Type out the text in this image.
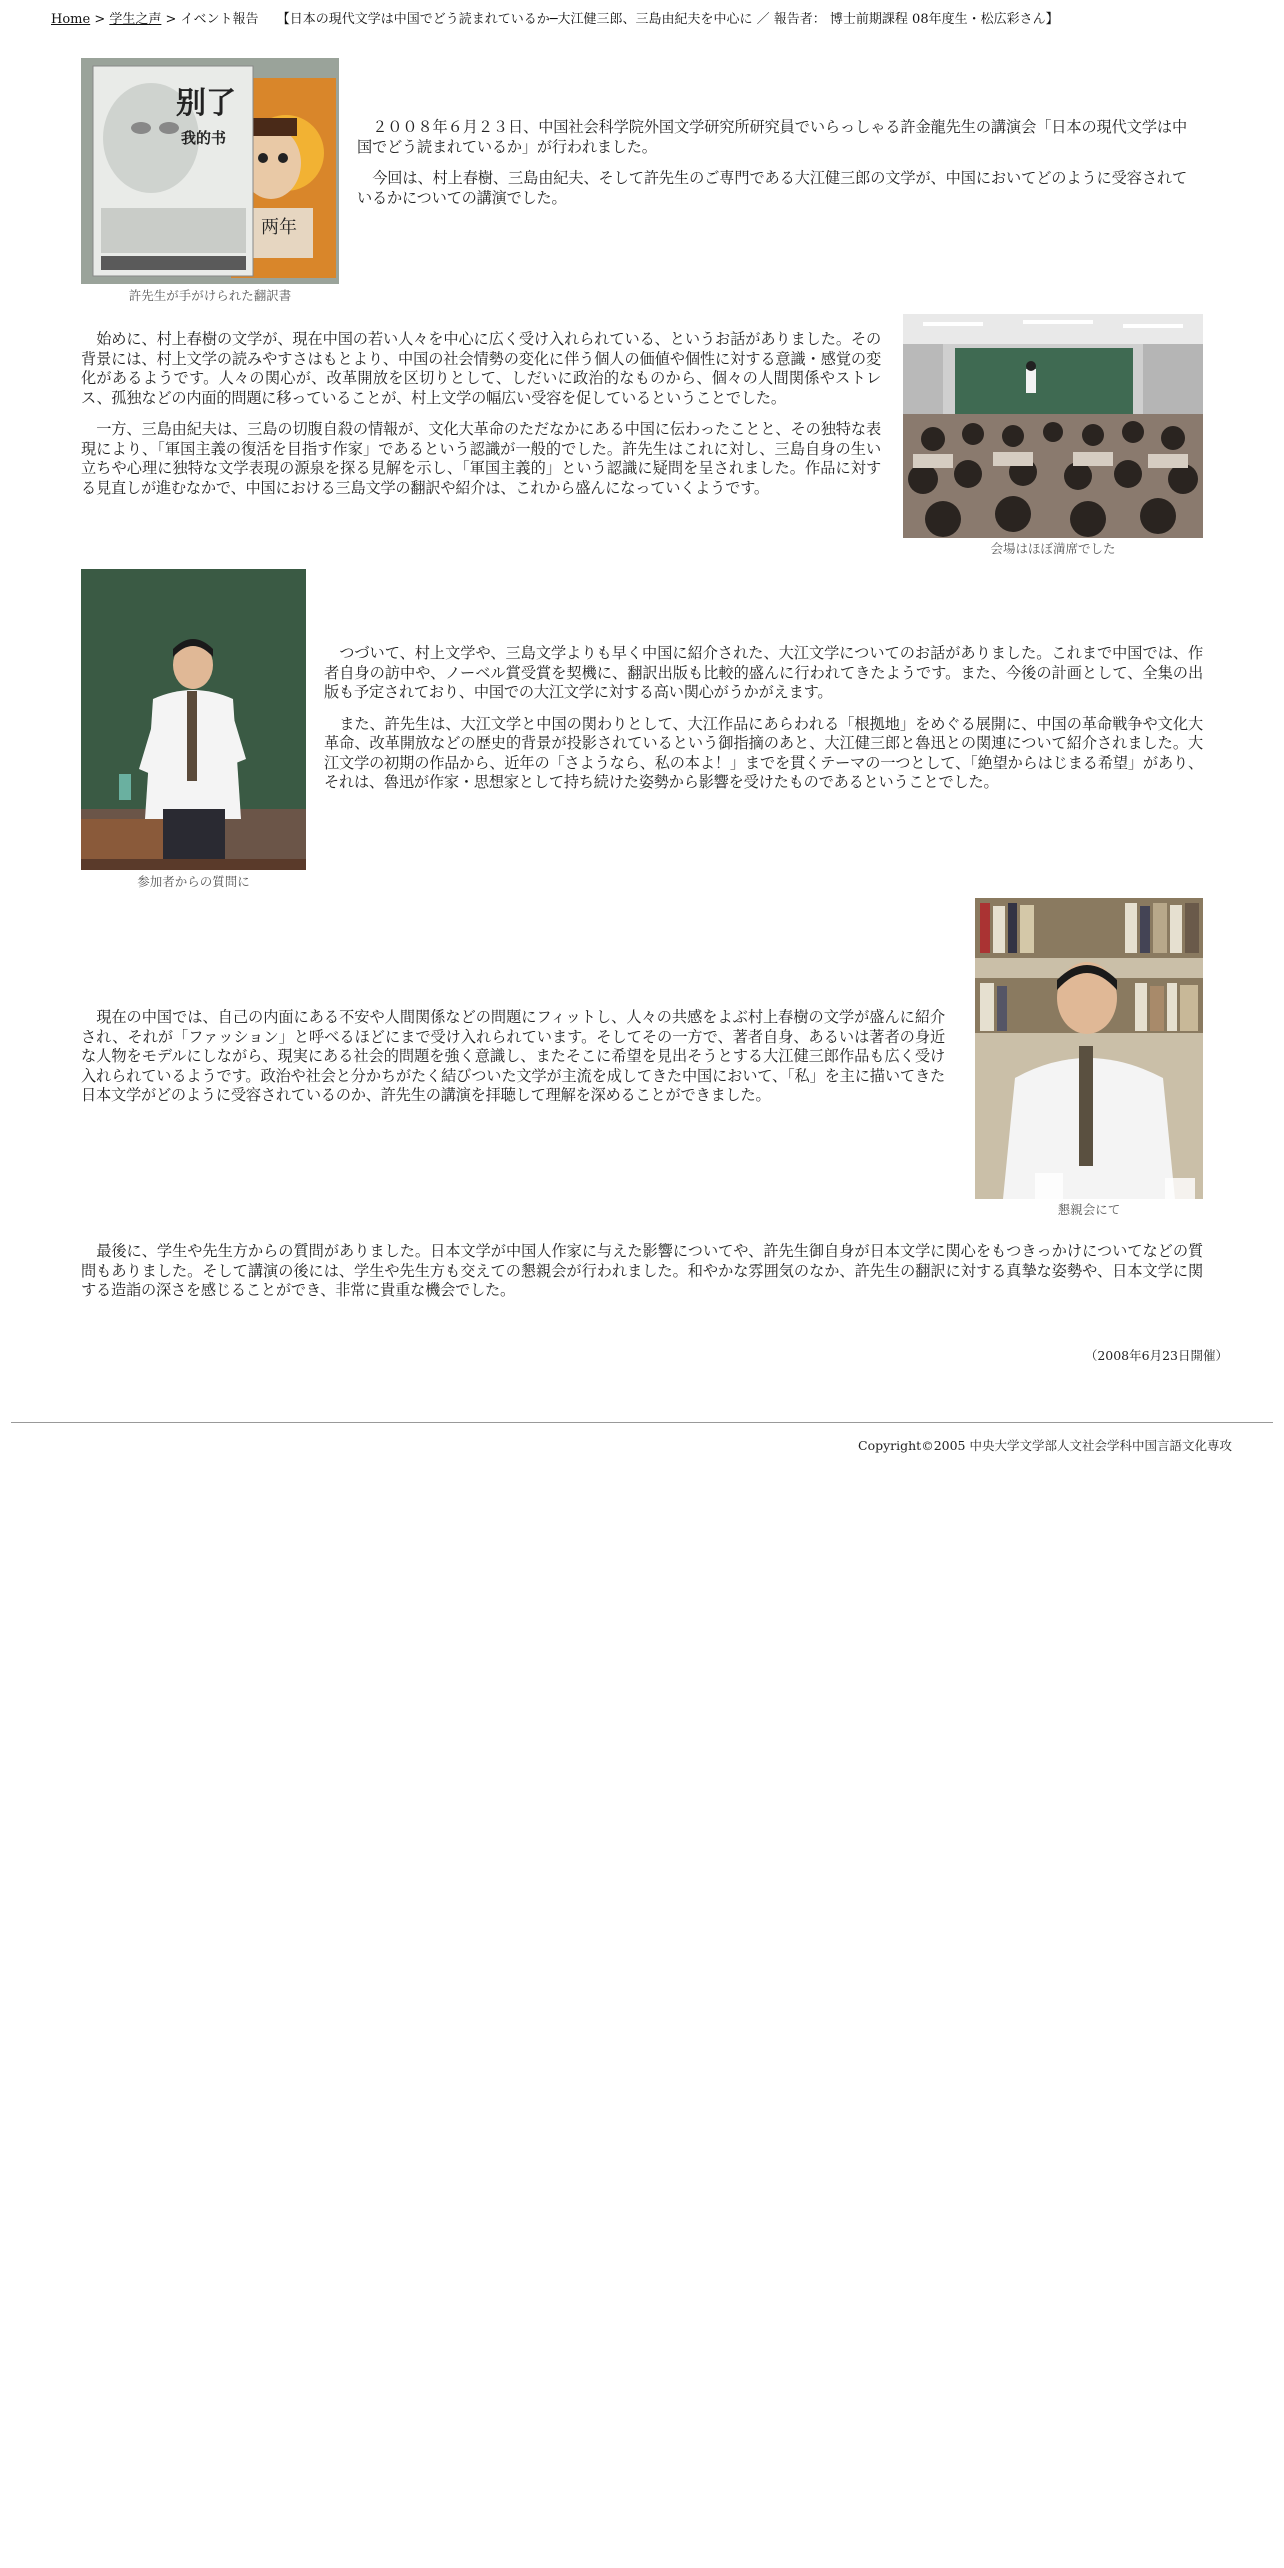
Home > 学生之声 > イベント報告 【日本の現代文学は中国でどう読まれているか─大江健三郎、三島由紀夫を中心に ／ 報告者： 博士前期課程 08年度生・松広彩さん】
两年
别了
我的书
許先生が手がけられた翻訳書

２００８年６月２３日、中国社会科学院外国文学研究所研究員でいらっしゃる許金龍先生の講演会「日本の現代文学は中国でどう読まれているか」が行われました。

今回は、村上春樹、三島由紀夫、そして許先生のご専門である大江健三郎の文学が、中国においてどのように受容されているかについての講演でした。

始めに、村上春樹の文学が、現在中国の若い人々を中心に広く受け入れられている、というお話がありました。その背景には、村上文学の読みやすさはもとより、中国の社会情勢の変化に伴う個人の価値や個性に対する意識・感覚の変化があるようです。人々の関心が、改革開放を区切りとして、しだいに政治的なものから、個々の人間関係やストレス、孤独などの内面的問題に移っていることが、村上文学の幅広い受容を促しているということでした。

一方、三島由紀夫は、三島の切腹自殺の情報が、文化大革命のただなかにある中国に伝わったことと、その独特な表現により、「軍国主義の復活を目指す作家」であるという認識が一般的でした。許先生はこれに対し、三島自身の生い立ちや心理に独特な文学表現の源泉を探る見解を示し、「軍国主義的」という認識に疑問を呈されました。作品に対する見直しが進むなかで、中国における三島文学の翻訳や紹介は、これから盛んになっていくようです。

会場はほぼ満席でした
参加者からの質問に

つづいて、村上文学や、三島文学よりも早く中国に紹介された、大江文学についてのお話がありました。これまで中国では、作者自身の訪中や、ノーベル賞受賞を契機に、翻訳出版も比較的盛んに行われてきたようです。また、今後の計画として、全集の出版も予定されており、中国での大江文学に対する高い関心がうかがえます。

また、許先生は、大江文学と中国の関わりとして、大江作品にあらわれる「根拠地」をめぐる展開に、中国の革命戦争や文化大革命、改革開放などの歴史的背景が投影されているという御指摘のあと、大江健三郎と魯迅との関連について紹介されました。大江文学の初期の作品から、近年の「さようなら、私の本よ！」までを貫くテーマの一つとして、「絶望からはじまる希望」があり、それは、魯迅が作家・思想家として持ち続けた姿勢から影響を受けたものであるということでした。

現在の中国では、自己の内面にある不安や人間関係などの問題にフィットし、人々の共感をよぶ村上春樹の文学が盛んに紹介され、それが「ファッション」と呼べるほどにまで受け入れられています。そしてその一方で、著者自身、あるいは著者の身近な人物をモデルにしながら、現実にある社会的問題を強く意識し、またそこに希望を見出そうとする大江健三郎作品も広く受け入れられているようです。政治や社会と分かちがたく結びついた文学が主流を成してきた中国において、「私」を主に描いてきた日本文学がどのように受容されているのか、許先生の講演を拝聴して理解を深めることができました。

懇親会にて

最後に、学生や先生方からの質問がありました。日本文学が中国人作家に与えた影響についてや、許先生御自身が日本文学に関心をもつきっかけについてなどの質問もありました。そして講演の後には、学生や先生方も交えての懇親会が行われました。和やかな雰囲気のなか、許先生の翻訳に対する真摯な姿勢や、日本文学に関する造詣の深さを感じることができ、非常に貴重な機会でした。

（2008年6月23日開催）
Copyright©2005 中央大学文学部人文社会学科中国言語文化専攻
